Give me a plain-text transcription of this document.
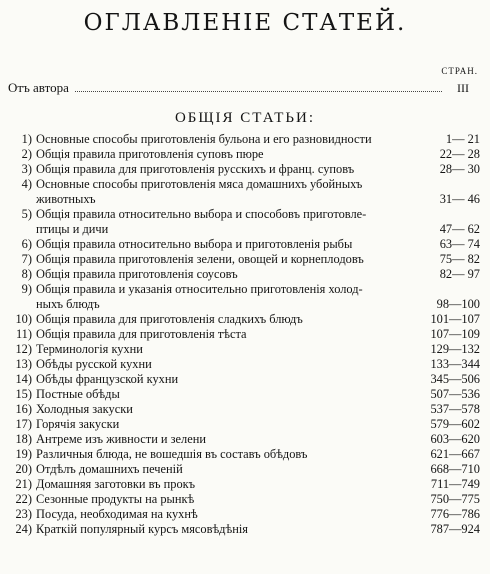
ОГЛАВЛЕНІЕ СТАТЕЙ.
СТРАН.
Отъ автора	III
ОБЩІЯ СТАТЬИ:
1) Основные способы приготовленія бульона и его разновидности	1— 21
2) Общія правила приготовленія суповъ пюре	22— 28
3) Общія правила для приготовленія русскихъ и франц. суповъ	28— 30
4) Основные способы приготовленія мяса домашнихъ убойныхъ
животныхъ	31— 46
5) Общія правила относительно выбора и способовъ приготовле-
птицы и дичи	47— 62
6) Общія правила относительно выбора и приготовленія рыбы	63— 74
7) Общія правила приготовленія зелени, овощей и корнеплодовъ	75— 82
8) Общія правила приготовленія соусовъ	82— 97
9) Общія правила и указанія относительно приготовленія холод-
ныхъ блюдъ	98—100
10) Общія правила для приготовленія сладкихъ блюдъ	101—107
11) Общія правила для приготовленія тѣста	107—109
12) Терминологія кухни	129—132
13) Обѣды русской кухни	133—344
14) Обѣды французской кухни	345—506
15) Постные обѣды	507—536
16) Холодныя закуски	537—578
17) Горячія закуски	579—602
18) Антреме изъ живности и зелени	603—620
19) Различныя блюда, не вошедшія въ составъ обѣдовъ	621—667
20) Отдѣлъ домашнихъ печеній	668—710
21) Домашняя заготовки въ прокъ	711—749
22) Сезонные продукты на рынкѣ	750—775
23) Посуда, необходимая на кухнѣ	776—786
24) Краткій популярный курсъ мясовѣдѣнія	787—924
